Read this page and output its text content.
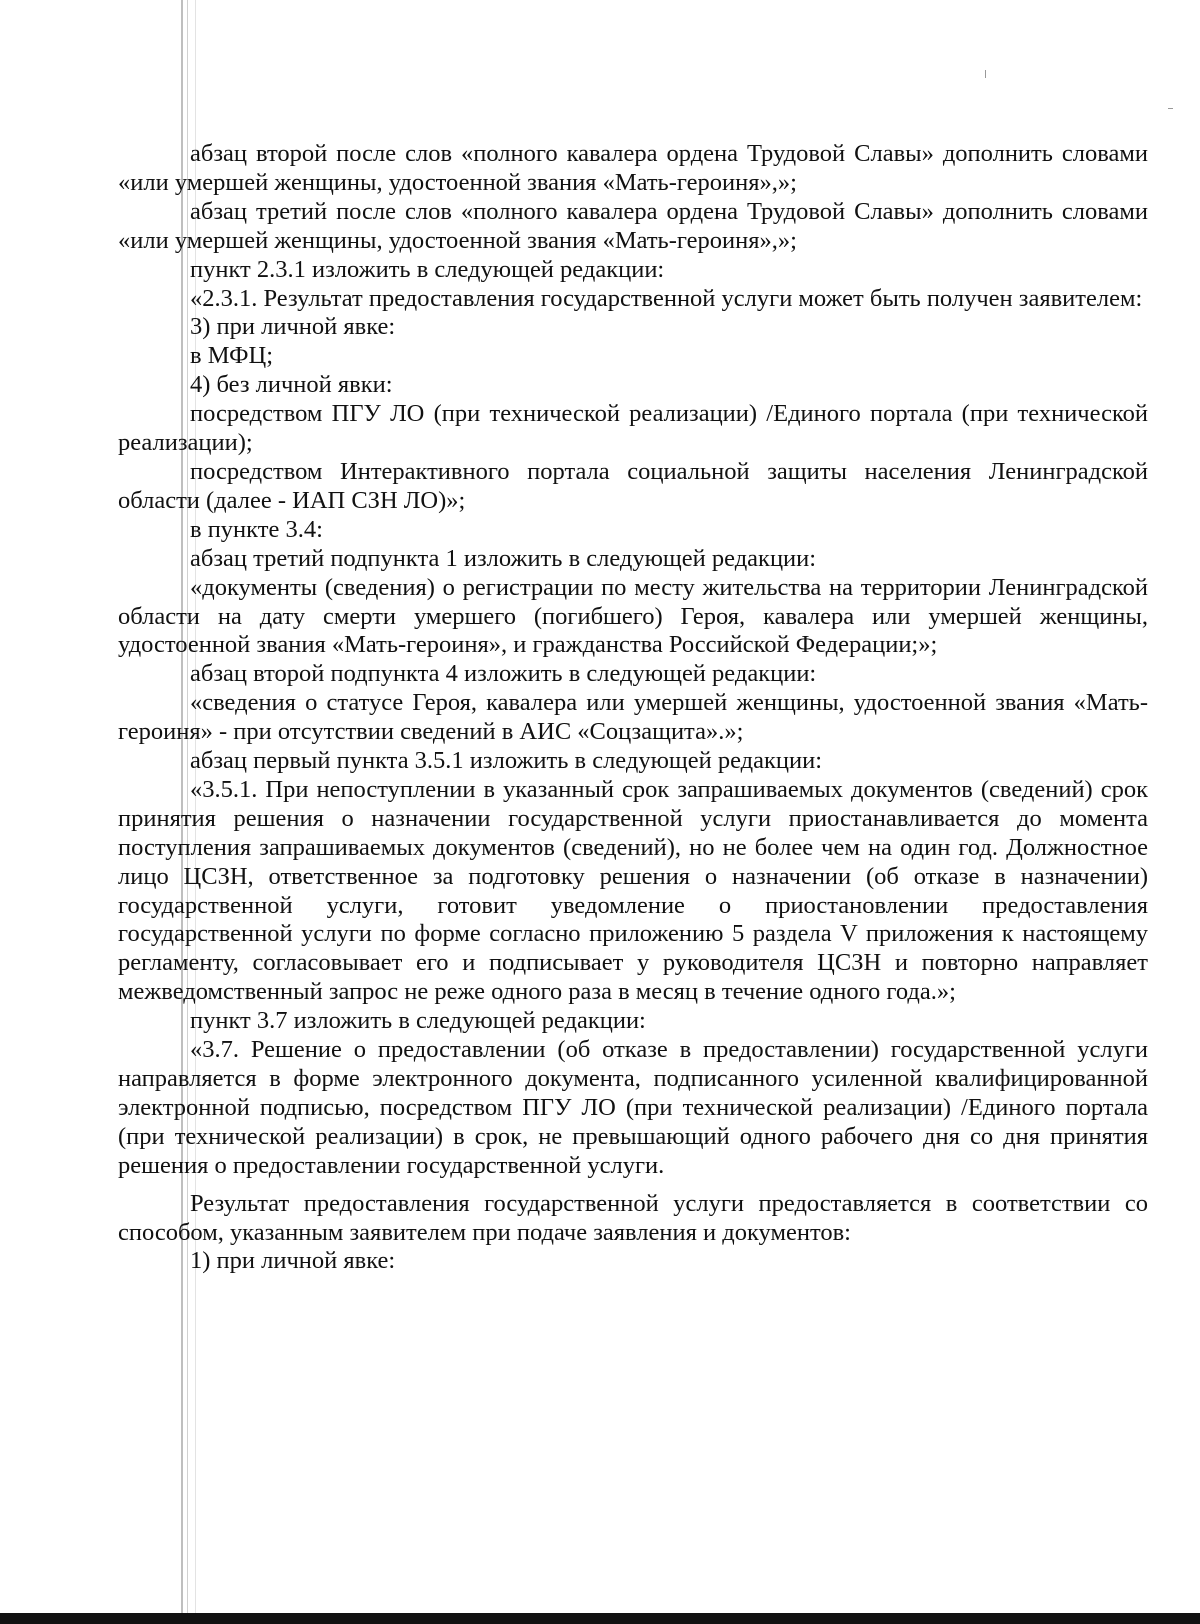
абзац второй после слов «полного кавалера ордена Трудовой Славы» дополнить словами «или умершей женщины, удостоенной звания «Мать-героиня»,»;

абзац третий после слов «полного кавалера ордена Трудовой Славы» дополнить словами «или умершей женщины, удостоенной звания «Мать-героиня»,»;

пункт 2.3.1 изложить в следующей редакции:

«2.3.1. Результат предоставления государственной услуги может быть получен заявителем:

3) при личной явке:

в МФЦ;

4) без личной явки:

посредством ПГУ ЛО (при технической реализации) /Единого портала (при технической реализации);

посредством Интерактивного портала социальной защиты населения Ленинградской области (далее - ИАП СЗН ЛО)»;

в пункте 3.4:

абзац третий подпункта 1 изложить в следующей редакции:

«документы (сведения) о регистрации по месту жительства на территории Ленинградской области на дату смерти умершего (погибшего) Героя, кавалера или умершей женщины, удостоенной звания «Мать-героиня», и гражданства Российской Федерации;»;

абзац второй подпункта 4 изложить в следующей редакции:

«сведения о статусе Героя, кавалера или умершей женщины, удостоенной звания «Мать-героиня» - при отсутствии сведений в АИС «Соцзащита».»;

абзац первый пункта 3.5.1 изложить в следующей редакции:

«3.5.1. При непоступлении в указанный срок запрашиваемых документов (сведений) срок принятия решения о назначении государственной услуги приостанавливается до момента поступления запрашиваемых документов (сведений), но не более чем на один год. Должностное лицо ЦСЗН, ответственное за подготовку решения о назначении (об отказе в назначении) государственной услуги, готовит уведомление о приостановлении предоставления государственной услуги по форме согласно приложению 5 раздела V приложения к настоящему регламенту, согласовывает его и подписывает у руководителя ЦСЗН и повторно направляет межведомственный запрос не реже одного раза в месяц в течение одного года.»;

пункт 3.7 изложить в следующей редакции:

«3.7. Решение о предоставлении (об отказе в предоставлении) государственной услуги направляется в форме электронного документа, подписанного усиленной квалифицированной электронной подписью, посредством ПГУ ЛО (при технической реализации) /Единого портала (при технической реализации) в срок, не превышающий одного рабочего дня со дня принятия решения о предоставлении государственной услуги.

Результат предоставления государственной услуги предоставляется в соответствии со способом, указанным заявителем при подаче заявления и документов:

1) при личной явке:
